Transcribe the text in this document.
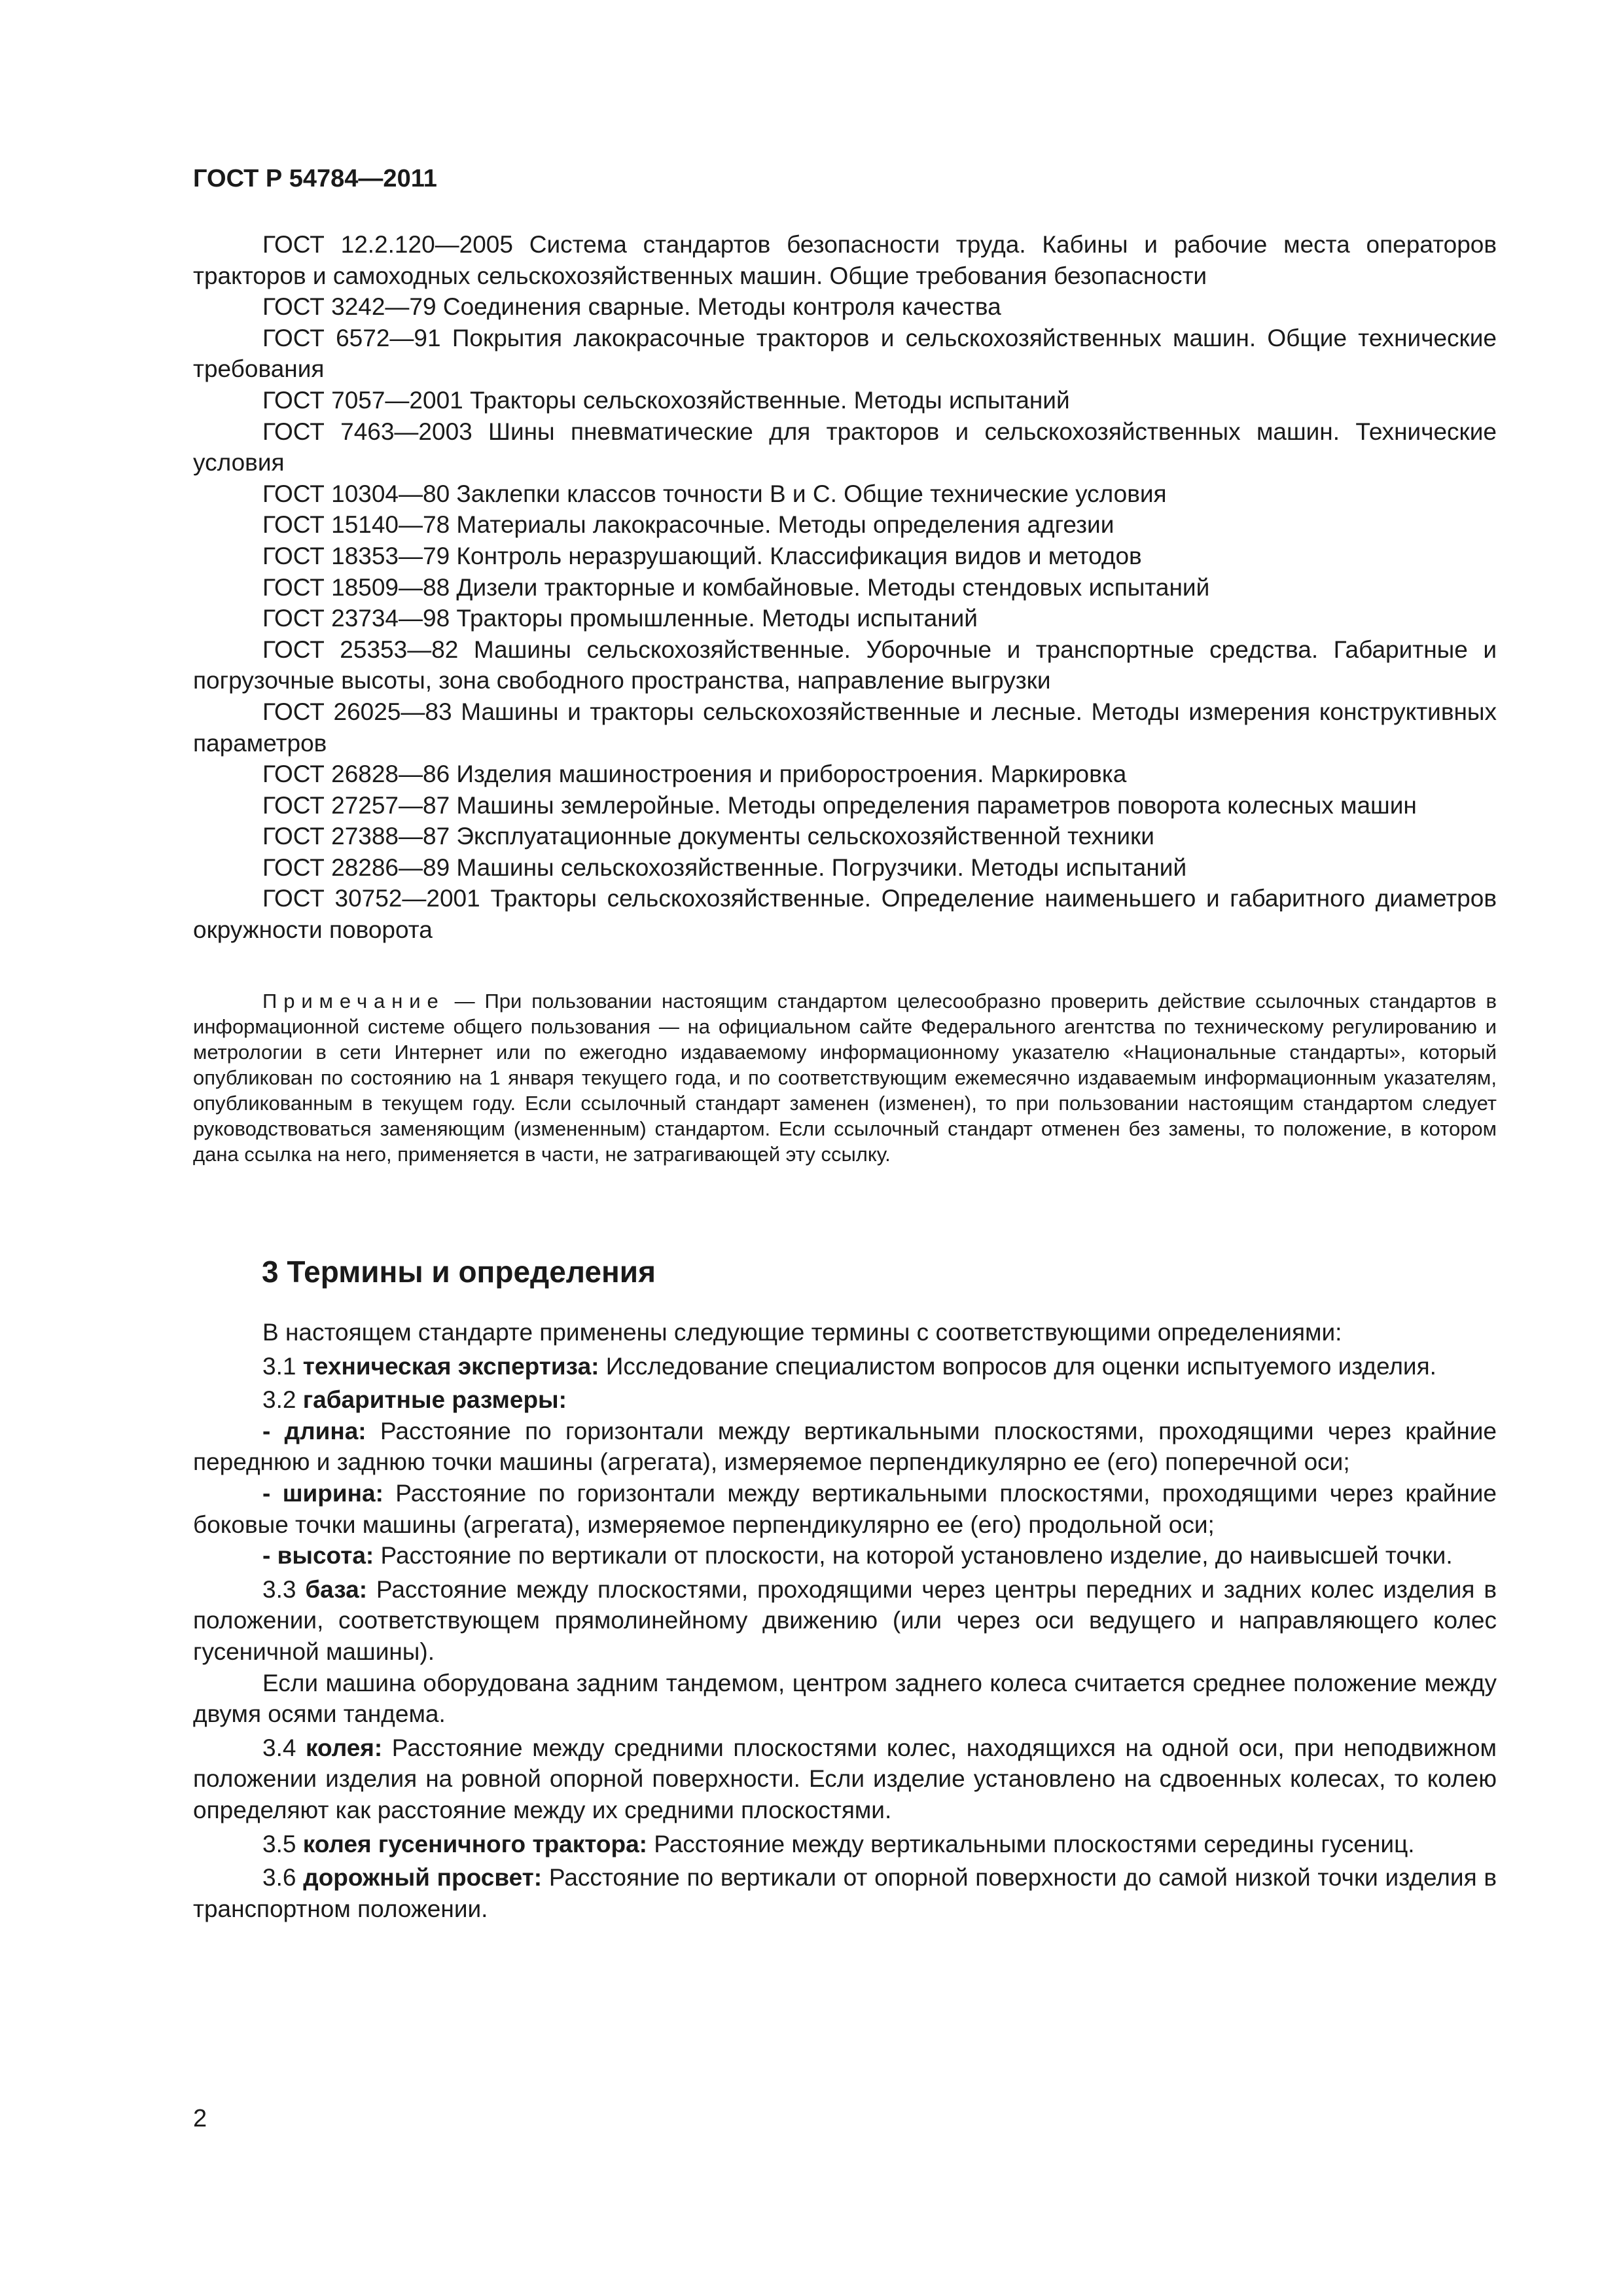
ГОСТ Р 54784—2011

ГОСТ 12.2.120—2005 Система стандартов безопасности труда. Кабины и рабочие места операторов тракторов и самоходных сельскохозяйственных машин. Общие требования безопасности

ГОСТ 3242—79 Соединения сварные. Методы контроля качества

ГОСТ 6572—91 Покрытия лакокрасочные тракторов и сельскохозяйственных машин. Общие технические требования

ГОСТ 7057—2001 Тракторы сельскохозяйственные. Методы испытаний

ГОСТ 7463—2003 Шины пневматические для тракторов и сельскохозяйственных машин. Технические условия

ГОСТ 10304—80 Заклепки классов точности В и С. Общие технические условия

ГОСТ 15140—78 Материалы лакокрасочные. Методы определения адгезии

ГОСТ 18353—79 Контроль неразрушающий. Классификация видов и методов

ГОСТ 18509—88 Дизели тракторные и комбайновые. Методы стендовых испытаний

ГОСТ 23734—98 Тракторы промышленные. Методы испытаний

ГОСТ 25353—82 Машины сельскохозяйственные. Уборочные и транспортные средства. Габаритные и погрузочные высоты, зона свободного пространства, направление выгрузки

ГОСТ 26025—83 Машины и тракторы сельскохозяйственные и лесные. Методы измерения конструктивных параметров

ГОСТ 26828—86 Изделия машиностроения и приборостроения. Маркировка

ГОСТ 27257—87 Машины землеройные. Методы определения параметров поворота колесных машин

ГОСТ 27388—87 Эксплуатационные документы сельскохозяйственной техники

ГОСТ 28286—89 Машины сельскохозяйственные. Погрузчики. Методы испытаний

ГОСТ 30752—2001 Тракторы сельскохозяйственные. Определение наименьшего и габаритного диаметров окружности поворота

Примечание — При пользовании настоящим стандартом целесообразно проверить действие ссылочных стандартов в информационной системе общего пользования — на официальном сайте Федерального агентства по техническому регулированию и метрологии в сети Интернет или по ежегодно издаваемому информационному указателю «Национальные стандарты», который опубликован по состоянию на 1 января текущего года, и по соответствующим ежемесячно издаваемым информационным указателям, опубликованным в текущем году. Если ссылочный стандарт заменен (изменен), то при пользовании настоящим стандартом следует руководствоваться заменяющим (измененным) стандартом. Если ссылочный стандарт отменен без замены, то положение, в котором дана ссылка на него, применяется в части, не затрагивающей эту ссылку.

3 Термины и определения

В настоящем стандарте применены следующие термины с соответствующими определениями:

3.1 техническая экспертиза: Исследование специалистом вопросов для оценки испытуемого изделия.

3.2 габаритные размеры:

- длина: Расстояние по горизонтали между вертикальными плоскостями, проходящими через крайние переднюю и заднюю точки машины (агрегата), измеряемое перпендикулярно ее (его) поперечной оси;

- ширина: Расстояние по горизонтали между вертикальными плоскостями, проходящими через крайние боковые точки машины (агрегата), измеряемое перпендикулярно ее (его) продольной оси;

- высота: Расстояние по вертикали от плоскости, на которой установлено изделие, до наивысшей точки.

3.3 база: Расстояние между плоскостями, проходящими через центры передних и задних колес изделия в положении, соответствующем прямолинейному движению (или через оси ведущего и направляющего колес гусеничной машины).

Если машина оборудована задним тандемом, центром заднего колеса считается среднее положение между двумя осями тандема.

3.4 колея: Расстояние между средними плоскостями колес, находящихся на одной оси, при неподвижном положении изделия на ровной опорной поверхности. Если изделие установлено на сдвоенных колесах, то колею определяют как расстояние между их средними плоскостями.

3.5 колея гусеничного трактора: Расстояние между вертикальными плоскостями середины гусениц.

3.6 дорожный просвет: Расстояние по вертикали от опорной поверхности до самой низкой точки изделия в транспортном положении.

2
